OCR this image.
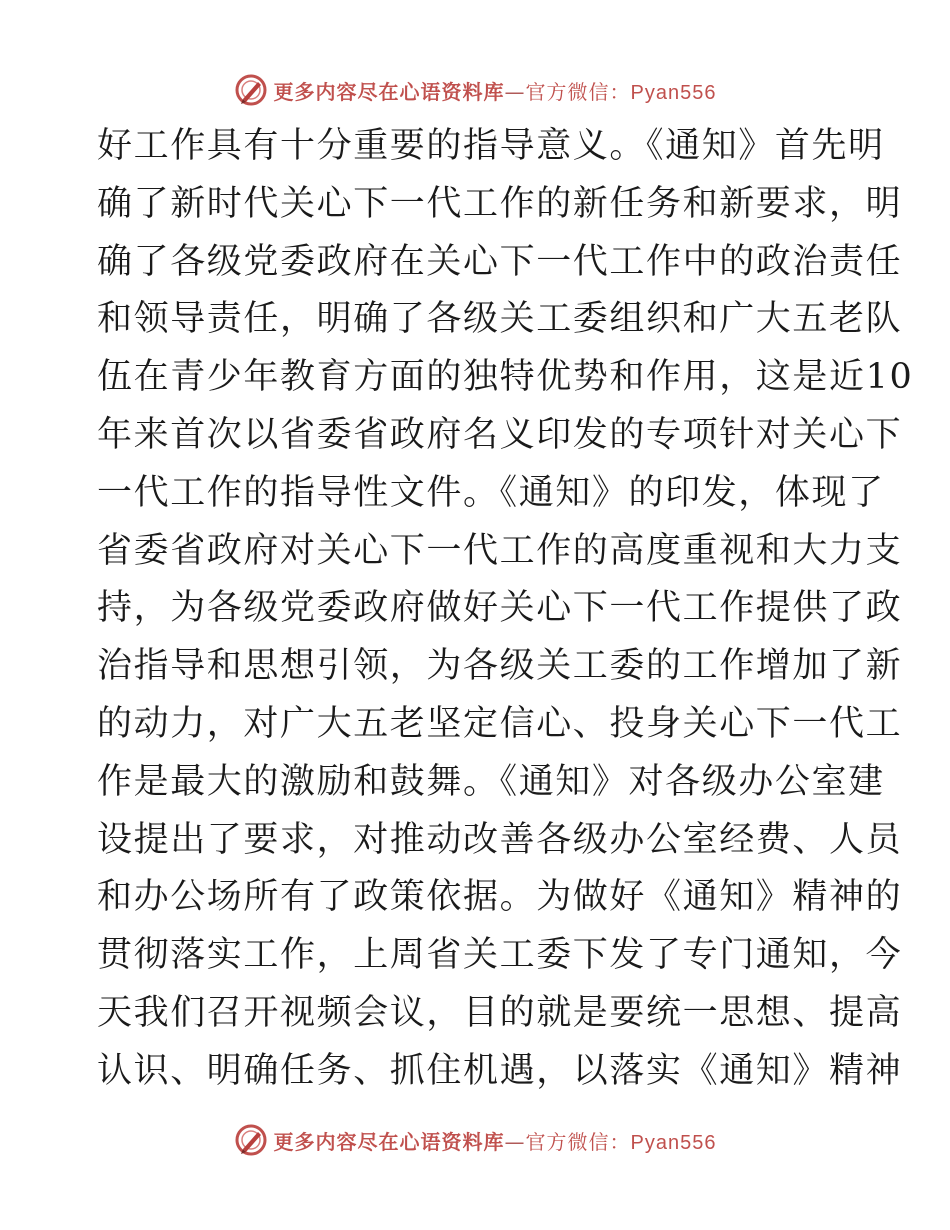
更多内容尽在心语资料库—官方微信：Pyan556
好工作具有十分重要的指导意义。《通知》首先明
确了新时代关心下一代工作的新任务和新要求，明
确了各级党委政府在关心下一代工作中的政治责任
和领导责任，明确了各级关工委组织和广大五老队
伍在青少年教育方面的独特优势和作用，这是近10
年来首次以省委省政府名义印发的专项针对关心下
一代工作的指导性文件。《通知》的印发，体现了
省委省政府对关心下一代工作的高度重视和大力支
持，为各级党委政府做好关心下一代工作提供了政
治指导和思想引领，为各级关工委的工作增加了新
的动力，对广大五老坚定信心、投身关心下一代工
作是最大的激励和鼓舞。《通知》对各级办公室建
设提出了要求，对推动改善各级办公室经费、人员
和办公场所有了政策依据。为做好《通知》精神的
贯彻落实工作，上周省关工委下发了专门通知，今
天我们召开视频会议，目的就是要统一思想、提高
认识、明确任务、抓住机遇，以落实《通知》精神
更多内容尽在心语资料库—官方微信：Pyan556
